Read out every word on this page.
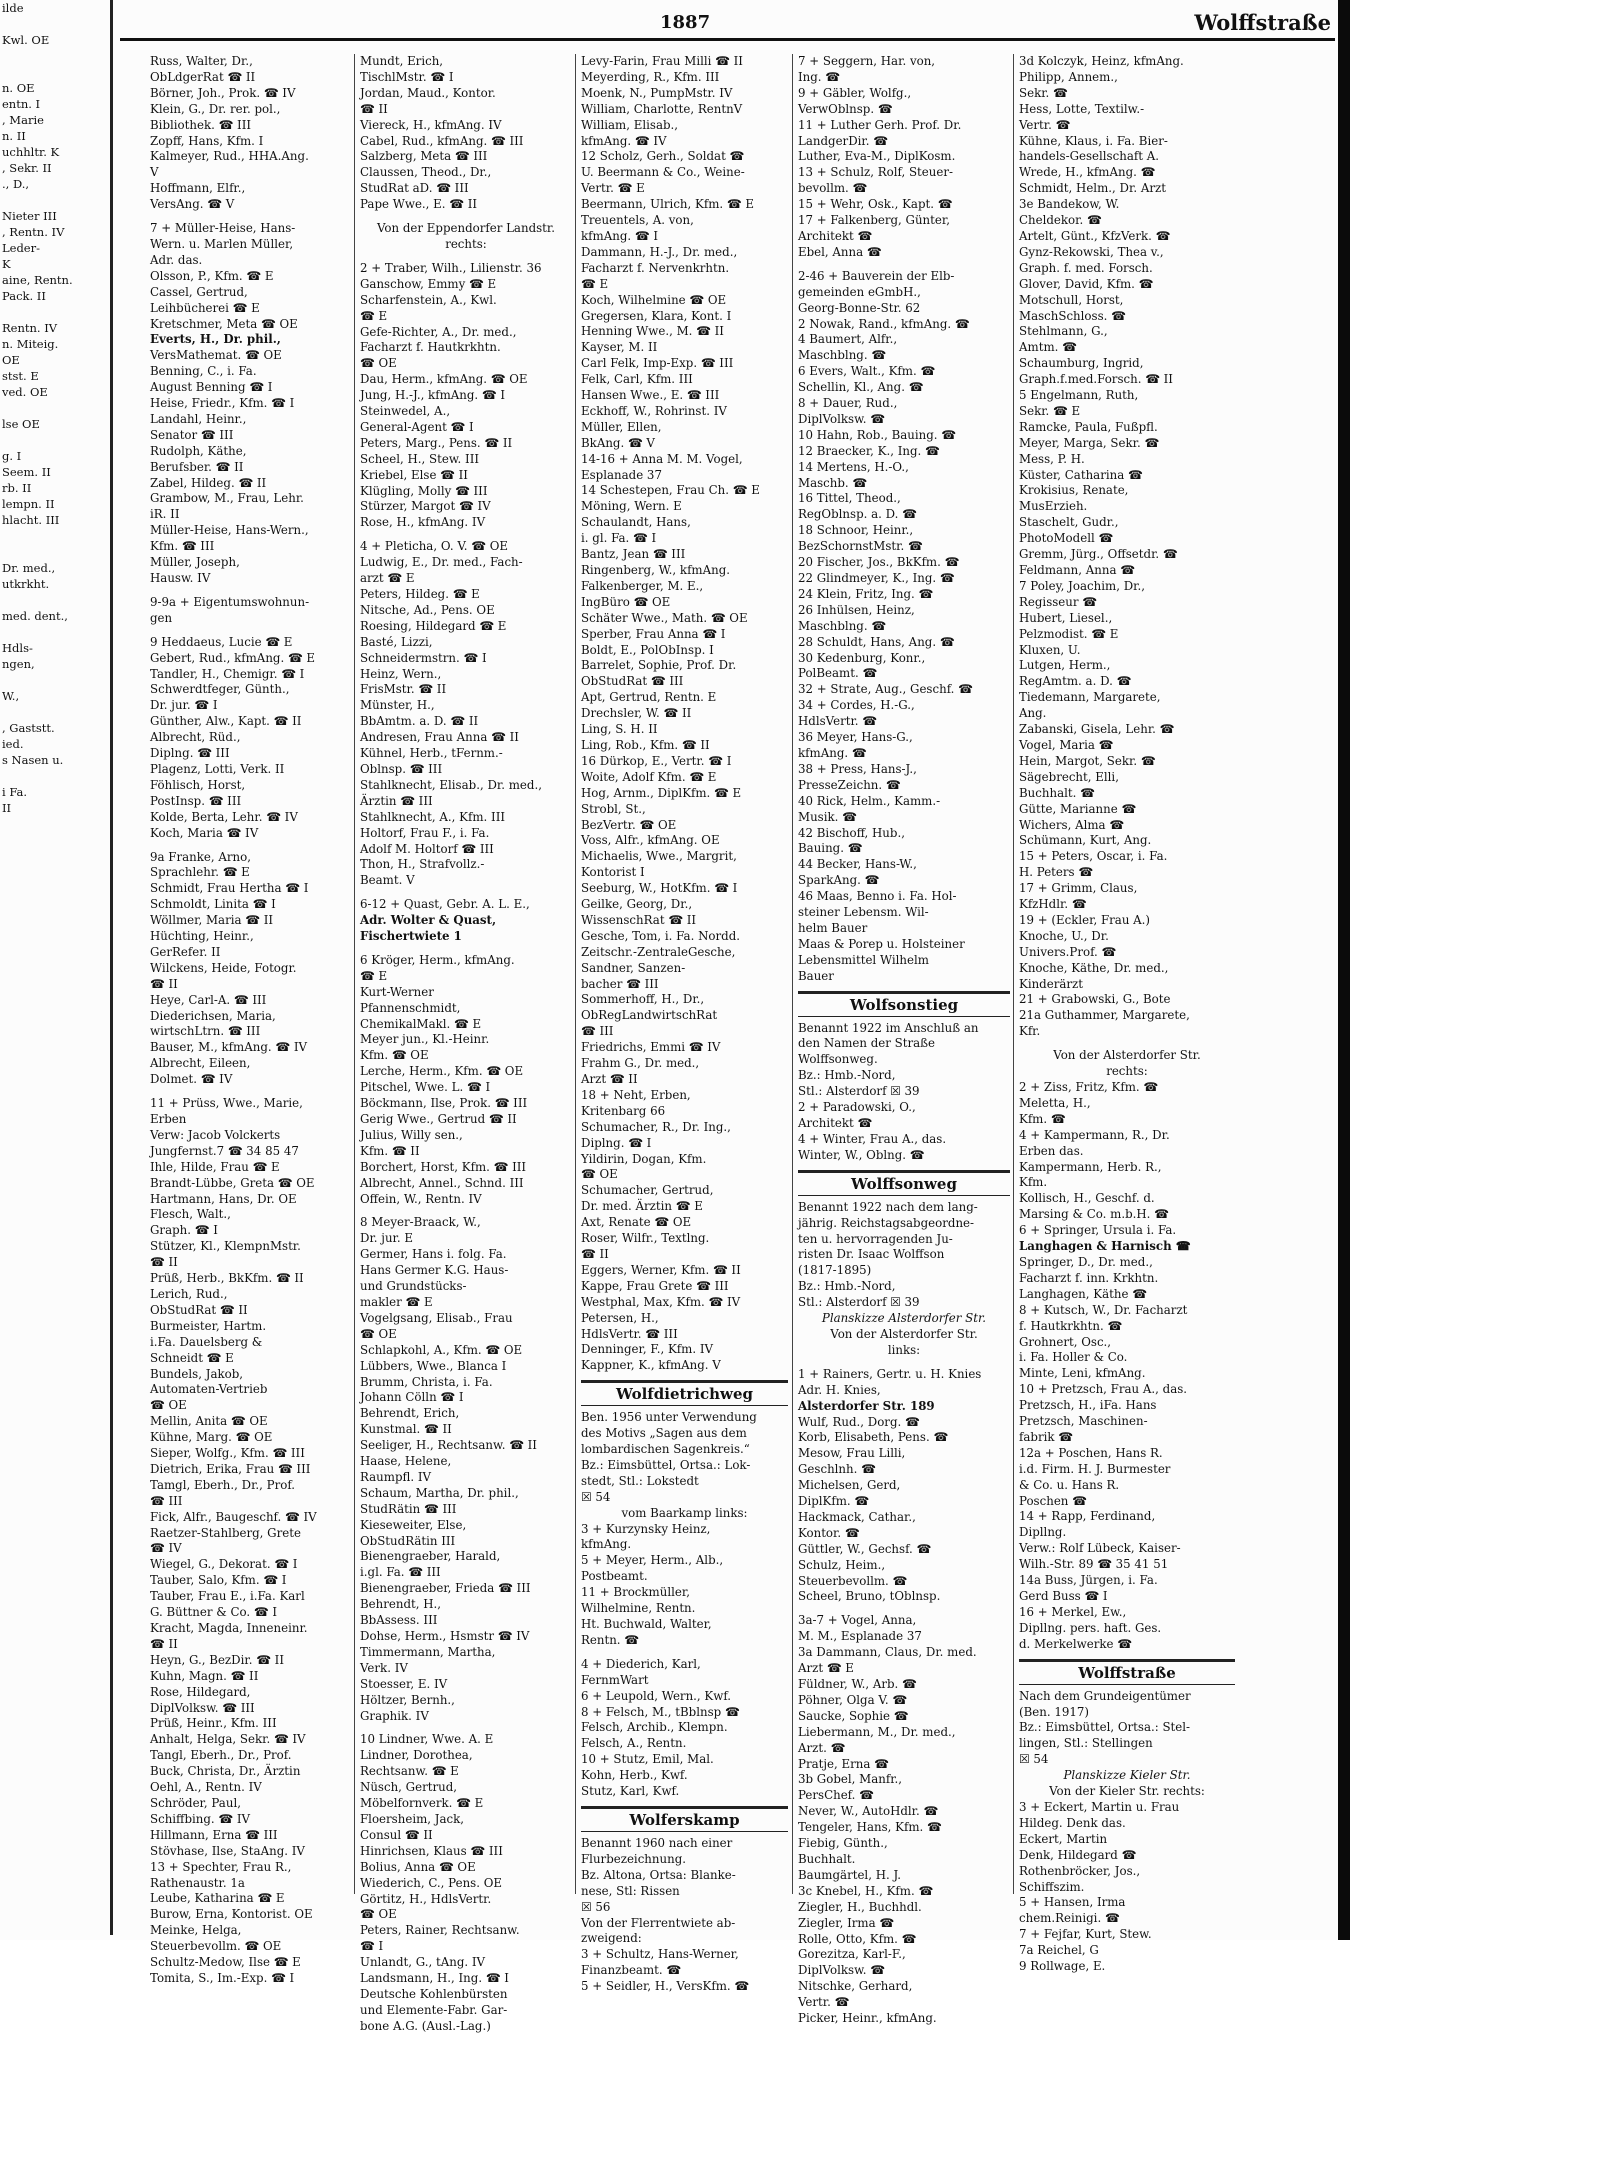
ilde

Kwl. OE

n. OE
entn. I
, Marie
n. II
uchhltr. K
, Sekr. II
., D.,

Nieter III
, Rentn. IV
Leder-
K
aine, Rentn.
Pack. II

Rentn. IV
n. Miteig.
OE
stst. E
ved. OE

lse OE

g. I
Seem. II
rb. II
lempn. II
hlacht. III

Dr. med.,
utkrkht.

med. dent.,

Hdls-
ngen,

W.,

, Gaststt.
ied.
s Nasen u.

i Fa.
II
1887	Wolffstraße
Russ, Walter, Dr.,
ObLdgerRat ☎ II
Börner, Joh., Prok. ☎ IV
Klein, G., Dr. rer. pol.,
Bibliothek. ☎ III
Zopff, Hans, Kfm. I
Kalmeyer, Rud., HHA.Ang.
V
Hoffmann, Elfr.,
VersAng. ☎ V
7 + Müller-Heise, Hans-
Wern. u. Marlen Müller,
Adr. das.
Olsson, P., Kfm. ☎ E
Cassel, Gertrud,
Leihbücherei ☎ E
Kretschmer, Meta ☎ OE
Everts, H., Dr. phil.,
VersMathemat. ☎ OE
Benning, C., i. Fa.
August Benning ☎ I
Heise, Friedr., Kfm. ☎ I
Landahl, Heinr.,
Senator ☎ III
Rudolph, Käthe,
Berufsber. ☎ II
Zabel, Hildeg. ☎ II
Grambow, M., Frau, Lehr.
iR. II
Müller-Heise, Hans-Wern.,
Kfm. ☎ III
Müller, Joseph,
Hausw. IV
9-9a + Eigentumswohnun-
gen
9 Heddaeus, Lucie ☎ E
Gebert, Rud., kfmAng. ☎ E
Tandler, H., Chemigr. ☎ I
Schwerdtfeger, Günth.,
Dr. jur. ☎ I
Günther, Alw., Kapt. ☎ II
Albrecht, Rüd.,
Diplng. ☎ III
Plagenz, Lotti, Verk. II
Föhlisch, Horst,
PostInsp. ☎ III
Kolde, Berta, Lehr. ☎ IV
Koch, Maria ☎ IV
9a Franke, Arno,
Sprachlehr. ☎ E
Schmidt, Frau Hertha ☎ I
Schmoldt, Linita ☎ I
Wöllmer, Maria ☎ II
Hüchting, Heinr.,
GerRefer. II
Wilckens, Heide, Fotogr.
☎ II
Heye, Carl-A. ☎ III
Diederichsen, Maria,
wirtschLtrn. ☎ III
Bauser, M., kfmAng. ☎ IV
Albrecht, Eileen,
Dolmet. ☎ IV
11 + Prüss, Wwe., Marie,
Erben
Verw: Jacob Volckerts
Jungfernst.7 ☎ 34 85 47
Ihle, Hilde, Frau ☎ E
Brandt-Lübbe, Greta ☎ OE
Hartmann, Hans, Dr. OE
Flesch, Walt.,
Graph. ☎ I
Stützer, Kl., KlempnMstr.
☎ II
Prüß, Herb., BkKfm. ☎ II
Lerich, Rud.,
ObStudRat ☎ II
Burmeister, Hartm.
i.Fa. Dauelsberg &
Schneidt ☎ E
Bundels, Jakob,
Automaten-Vertrieb
☎ OE
Mellin, Anita ☎ OE
Kühne, Marg. ☎ OE
Sieper, Wolfg., Kfm. ☎ III
Dietrich, Erika, Frau ☎ III
Tamgl, Eberh., Dr., Prof.
☎ III
Fick, Alfr., Baugeschf. ☎ IV
Raetzer-Stahlberg, Grete
☎ IV
Wiegel, G., Dekorat. ☎ I
Tauber, Salo, Kfm. ☎ I
Tauber, Frau E., i.Fa. Karl
G. Büttner & Co. ☎ I
Kracht, Magda, Inneneinr.
☎ II
Heyn, G., BezDir. ☎ II
Kuhn, Magn. ☎ II
Rose, Hildegard,
DiplVolksw. ☎ III
Prüß, Heinr., Kfm. III
Anhalt, Helga, Sekr. ☎ IV
Tangl, Eberh., Dr., Prof.
Buck, Christa, Dr., Ärztin
Oehl, A., Rentn. IV
Schröder, Paul,
Schiffbing. ☎ IV
Hillmann, Erna ☎ III
Stövhase, Ilse, StaAng. IV
13 + Spechter, Frau R.,
Rathenaustr. 1a
Leube, Katharina ☎ E
Burow, Erna, Kontorist. OE
Meinke, Helga,
Steuerbevollm. ☎ OE
Schultz-Medow, Ilse ☎ E
Tomita, S., Im.-Exp. ☎ I
Mundt, Erich,
TischlMstr. ☎ I
Jordan, Maud., Kontor.
☎ II
Viereck, H., kfmAng. IV
Cabel, Rud., kfmAng. ☎ III
Salzberg, Meta ☎ III
Claussen, Theod., Dr.,
StudRat aD. ☎ III
Pape Wwe., E. ☎ II
Von der Eppendorfer Landstr.
rechts:
2 + Traber, Wilh., Lilienstr. 36
Ganschow, Emmy ☎ E
Scharfenstein, A., Kwl.
☎ E
Gefe-Richter, A., Dr. med.,
Facharzt f. Hautkrkhtn.
☎ OE
Dau, Herm., kfmAng. ☎ OE
Jung, H.-J., kfmAng. ☎ I
Steinwedel, A.,
General-Agent ☎ I
Peters, Marg., Pens. ☎ II
Scheel, H., Stew. III
Kriebel, Else ☎ II
Klügling, Molly ☎ III
Stürzer, Margot ☎ IV
Rose, H., kfmAng. IV
4 + Pleticha, O. V. ☎ OE
Ludwig, E., Dr. med., Fach-
arzt ☎ E
Peters, Hildeg. ☎ E
Nitsche, Ad., Pens. OE
Roesing, Hildegard ☎ E
Basté, Lizzi,
Schneidermstrn. ☎ I
Heinz, Wern.,
FrisMstr. ☎ II
Münster, H.,
BbAmtm. a. D. ☎ II
Andresen, Frau Anna ☎ II
Kühnel, Herb., tFernm.-
Oblnsp. ☎ III
Stahlknecht, Elisab., Dr. med.,
Ärztin ☎ III
Stahlknecht, A., Kfm. III
Holtorf, Frau F., i. Fa.
Adolf M. Holtorf ☎ III
Thon, H., Strafvollz.-
Beamt. V
6-12 + Quast, Gebr. A. L. E.,
Adr. Wolter & Quast,
Fischertwiete 1
6 Kröger, Herm., kfmAng.
☎ E
Kurt-Werner
Pfannenschmidt,
ChemikalMakl. ☎ E
Meyer jun., Kl.-Heinr.
Kfm. ☎ OE
Lerche, Herm., Kfm. ☎ OE
Pitschel, Wwe. L. ☎ I
Böckmann, Ilse, Prok. ☎ III
Gerig Wwe., Gertrud ☎ II
Julius, Willy sen.,
Kfm. ☎ II
Borchert, Horst, Kfm. ☎ III
Albrecht, Annel., Schnd. III
Offein, W., Rentn. IV
8 Meyer-Braack, W.,
Dr. jur. E
Germer, Hans i. folg. Fa.
Hans Germer K.G. Haus-
und Grundstücks-
makler ☎ E
Vogelgsang, Elisab., Frau
☎ OE
Schlapkohl, A., Kfm. ☎ OE
Lübbers, Wwe., Blanca I
Brumm, Christa, i. Fa.
Johann Cölln ☎ I
Behrendt, Erich,
Kunstmal. ☎ II
Seeliger, H., Rechtsanw. ☎ II
Haase, Helene,
Raumpfl. IV
Schaum, Martha, Dr. phil.,
StudRätin ☎ III
Kieseweiter, Else,
ObStudRätin III
Bienengraeber, Harald,
i.gl. Fa. ☎ III
Bienengraeber, Frieda ☎ III
Behrendt, H.,
BbAssess. III
Dohse, Herm., Hsmstr ☎ IV
Timmermann, Martha,
Verk. IV
Stoesser, E. IV
Höltzer, Bernh.,
Graphik. IV
10 Lindner, Wwe. A. E
Lindner, Dorothea,
Rechtsanw. ☎ E
Nüsch, Gertrud,
Möbelfornverk. ☎ E
Floersheim, Jack,
Consul ☎ II
Hinrichsen, Klaus ☎ III
Bolius, Anna ☎ OE
Wiederich, C., Pens. OE
Görtitz, H., HdlsVertr.
☎ OE
Peters, Rainer, Rechtsanw.
☎ I
Unlandt, G., tAng. IV
Landsmann, H., Ing. ☎ I
Deutsche Kohlenbürsten
und Elemente-Fabr. Gar-
bone A.G. (Ausl.-Lag.)
Levy-Farin, Frau Milli ☎ II
Meyerding, R., Kfm. III
Moenk, N., PumpMstr. IV
William, Charlotte, RentnV
William, Elisab.,
kfmAng. ☎ IV
12 Scholz, Gerh., Soldat ☎
U. Beermann & Co., Weine-
Vertr. ☎ E
Beermann, Ulrich, Kfm. ☎ E
Treuentels, A. von,
kfmAng. ☎ I
Dammann, H.-J., Dr. med.,
Facharzt f. Nervenkrhtn.
☎ E
Koch, Wilhelmine ☎ OE
Gregersen, Klara, Kont. I
Henning Wwe., M. ☎ II
Kayser, M. II
Carl Felk, Imp-Exp. ☎ III
Felk, Carl, Kfm. III
Hansen Wwe., E. ☎ III
Eckhoff, W., Rohrinst. IV
Müller, Ellen,
BkAng. ☎ V
14-16 + Anna M. M. Vogel,
Esplanade 37
14 Schestepen, Frau Ch. ☎ E
Möning, Wern. E
Schaulandt, Hans,
i. gl. Fa. ☎ I
Bantz, Jean ☎ III
Ringenberg, W., kfmAng.
Falkenberger, M. E.,
IngBüro ☎ OE
Schäter Wwe., Math. ☎ OE
Sperber, Frau Anna ☎ I
Boldt, E., PolObInsp. I
Barrelet, Sophie, Prof. Dr.
ObStudRat ☎ III
Apt, Gertrud, Rentn. E
Drechsler, W. ☎ II
Ling, S. H. II
Ling, Rob., Kfm. ☎ II
16 Dürkop, E., Vertr. ☎ I
Woite, Adolf Kfm. ☎ E
Hog, Arnm., DiplKfm. ☎ E
Strobl, St.,
BezVertr. ☎ OE
Voss, Alfr., kfmAng. OE
Michaelis, Wwe., Margrit,
Kontorist I
Seeburg, W., HotKfm. ☎ I
Geilke, Georg, Dr.,
WissenschRat ☎ II
Gesche, Tom, i. Fa. Nordd.
Zeitschr.-ZentraleGesche,
Sandner, Sanzen-
bacher ☎ III
Sommerhoff, H., Dr.,
ObRegLandwirtschRat
☎ III
Friedrichs, Emmi ☎ IV
Frahm G., Dr. med.,
Arzt ☎ II
18 + Neht, Erben,
Kritenbarg 66
Schumacher, R., Dr. Ing.,
Diplng. ☎ I
Yildirin, Dogan, Kfm.
☎ OE
Schumacher, Gertrud,
Dr. med. Ärztin ☎ E
Axt, Renate ☎ OE
Roser, Wilfr., Textlng.
☎ II
Eggers, Werner, Kfm. ☎ II
Kappe, Frau Grete ☎ III
Westphal, Max, Kfm. ☎ IV
Petersen, H.,
HdlsVertr. ☎ III
Denninger, F., Kfm. IV
Kappner, K., kfmAng. V
Wolfdietrichweg
Ben. 1956 unter Verwendung
des Motivs „Sagen aus dem
lombardischen Sagenkreis.“
Bz.: Eimsbüttel, Ortsa.: Lok-
stedt, Stl.: Lokstedt
☒ 54
vom Baarkamp links:
3 + Kurzynsky Heinz,
kfmAng.
5 + Meyer, Herm., Alb.,
Postbeamt.
11 + Brockmüller,
Wilhelmine, Rentn.
Ht. Buchwald, Walter,
Rentn. ☎
4 + Diederich, Karl,
FernmWart
6 + Leupold, Wern., Kwf.
8 + Felsch, M., tBblnsp ☎
Felsch, Archib., Klempn.
Felsch, A., Rentn.
10 + Stutz, Emil, Mal.
Kohn, Herb., Kwf.
Stutz, Karl, Kwf.
Wolferskamp
Benannt 1960 nach einer
Flurbezeichnung.
Bz. Altona, Ortsa: Blanke-
nese, Stl: Rissen
☒ 56
Von der Flerrentwiete ab-
zweigend:
3 + Schultz, Hans-Werner,
Finanzbeamt. ☎
5 + Seidler, H., VersKfm. ☎
7 + Seggern, Har. von,
Ing. ☎
9 + Gäbler, Wolfg.,
VerwOblnsp. ☎
11 + Luther Gerh. Prof. Dr.
LandgerDir. ☎
Luther, Eva-M., DiplKosm.
13 + Schulz, Rolf, Steuer-
bevollm. ☎
15 + Wehr, Osk., Kapt. ☎
17 + Falkenberg, Günter,
Architekt ☎
Ebel, Anna ☎
2-46 + Bauverein der Elb-
gemeinden eGmbH.,
Georg-Bonne-Str. 62
2 Nowak, Rand., kfmAng. ☎
4 Baumert, Alfr.,
Maschblng. ☎
6 Evers, Walt., Kfm. ☎
Schellin, Kl., Ang. ☎
8 + Dauer, Rud.,
DiplVolksw. ☎
10 Hahn, Rob., Bauing. ☎
12 Braecker, K., Ing. ☎
14 Mertens, H.-O.,
Maschb. ☎
16 Tittel, Theod.,
RegOblnsp. a. D. ☎
18 Schnoor, Heinr.,
BezSchornstMstr. ☎
20 Fischer, Jos., BkKfm. ☎
22 Glindmeyer, K., Ing. ☎
24 Klein, Fritz, Ing. ☎
26 Inhülsen, Heinz,
Maschblng. ☎
28 Schuldt, Hans, Ang. ☎
30 Kedenburg, Konr.,
PolBeamt. ☎
32 + Strate, Aug., Geschf. ☎
34 + Cordes, H.-G.,
HdlsVertr. ☎
36 Meyer, Hans-G.,
kfmAng. ☎
38 + Press, Hans-J.,
PresseZeichn. ☎
40 Rick, Helm., Kamm.-
Musik. ☎
42 Bischoff, Hub.,
Bauing. ☎
44 Becker, Hans-W.,
SparkAng. ☎
46 Maas, Benno i. Fa. Hol-
steiner Lebensm. Wil-
helm Bauer
Maas & Porep u. Holsteiner
Lebensmittel Wilhelm
Bauer
Wolfsonstieg
Benannt 1922 im Anschluß an
den Namen der Straße
Wolffsonweg.
Bz.: Hmb.-Nord,
Stl.: Alsterdorf ☒ 39
2 + Paradowski, O.,
Architekt ☎
4 + Winter, Frau A., das.
Winter, W., Oblng. ☎
Wolffsonweg
Benannt 1922 nach dem lang-
jährig. Reichstagsabgeordne-
ten u. hervorragenden Ju-
risten Dr. Isaac Wolffson
(1817-1895)
Bz.: Hmb.-Nord,
Stl.: Alsterdorf ☒ 39
Planskizze Alsterdorfer Str.
Von der Alsterdorfer Str.
links:
1 + Rainers, Gertr. u. H. Knies
Adr. H. Knies,
Alsterdorfer Str. 189
Wulf, Rud., Dorg. ☎
Korb, Elisabeth, Pens. ☎
Mesow, Frau Lilli,
Geschlnh. ☎
Michelsen, Gerd,
DiplKfm. ☎
Hackmack, Cathar.,
Kontor. ☎
Güttler, W., Gechsf. ☎
Schulz, Heim.,
Steuerbevollm. ☎
Scheel, Bruno, tOblnsp.
3a-7 + Vogel, Anna,
M. M., Esplanade 37
3a Dammann, Claus, Dr. med.
Arzt ☎ E
Füldner, W., Arb. ☎
Pöhner, Olga V. ☎
Saucke, Sophie ☎
Liebermann, M., Dr. med.,
Arzt. ☎
Pratje, Erna ☎
3b Gobel, Manfr.,
PersChef. ☎
Never, W., AutoHdlr. ☎
Tengeler, Hans, Kfm. ☎
Fiebig, Günth.,
Buchhalt.
Baumgärtel, H. J.
3c Knebel, H., Kfm. ☎
Ziegler, H., Buchhdl.
Ziegler, Irma ☎
Rolle, Otto, Kfm. ☎
Gorezitza, Karl-F.,
DiplVolksw. ☎
Nitschke, Gerhard,
Vertr. ☎
Picker, Heinr., kfmAng.
3d Kolczyk, Heinz, kfmAng.
Philipp, Annem.,
Sekr. ☎
Hess, Lotte, Textilw.-
Vertr. ☎
Kühne, Klaus, i. Fa. Bier-
handels-Gesellschaft A.
Wrede, H., kfmAng. ☎
Schmidt, Helm., Dr. Arzt
3e Bandekow, W.
Cheldekor. ☎
Artelt, Günt., KfzVerk. ☎
Gynz-Rekowski, Thea v.,
Graph. f. med. Forsch.
Glover, David, Kfm. ☎
Motschull, Horst,
MaschSchloss. ☎
Stehlmann, G.,
Amtm. ☎
Schaumburg, Ingrid,
Graph.f.med.Forsch. ☎ II
5 Engelmann, Ruth,
Sekr. ☎ E
Ramcke, Paula, Fußpfl.
Meyer, Marga, Sekr. ☎
Mess, P. H.
Küster, Catharina ☎
Krokisius, Renate,
MusErzieh.
Staschelt, Gudr.,
PhotoModell ☎
Gremm, Jürg., Offsetdr. ☎
Feldmann, Anna ☎
7 Poley, Joachim, Dr.,
Regisseur ☎
Hubert, Liesel.,
Pelzmodist. ☎ E
Kluxen, U.
Lutgen, Herm.,
RegAmtm. a. D. ☎
Tiedemann, Margarete,
Ang.
Zabanski, Gisela, Lehr. ☎
Vogel, Maria ☎
Hein, Margot, Sekr. ☎
Sägebrecht, Elli,
Buchhalt. ☎
Gütte, Marianne ☎
Wichers, Alma ☎
Schümann, Kurt, Ang.
15 + Peters, Oscar, i. Fa.
H. Peters ☎
17 + Grimm, Claus,
KfzHdlr. ☎
19 + (Eckler, Frau A.)
Knoche, U., Dr.
Univers.Prof. ☎
Knoche, Käthe, Dr. med.,
Kinderärzt
21 + Grabowski, G., Bote
21a Guthammer, Margarete,
Kfr.
Von der Alsterdorfer Str.
rechts:
2 + Ziss, Fritz, Kfm. ☎
Meletta, H.,
Kfm. ☎
4 + Kampermann, R., Dr.
Erben das.
Kampermann, Herb. R.,
Kfm.
Kollisch, H., Geschf. d.
Marsing & Co. m.b.H. ☎
6 + Springer, Ursula i. Fa.
Langhagen & Harnisch ☎
Springer, D., Dr. med.,
Facharzt f. inn. Krkhtn.
Langhagen, Käthe ☎
8 + Kutsch, W., Dr. Facharzt
f. Hautkrkhtn. ☎
Grohnert, Osc.,
i. Fa. Holler & Co.
Minte, Leni, kfmAng.
10 + Pretzsch, Frau A., das.
Pretzsch, H., iFa. Hans
Pretzsch, Maschinen-
fabrik ☎
12a + Poschen, Hans R.
i.d. Firm. H. J. Burmester
& Co. u. Hans R.
Poschen ☎
14 + Rapp, Ferdinand,
Dipllng.
Verw.: Rolf Lübeck, Kaiser-
Wilh.-Str. 89 ☎ 35 41 51
14a Buss, Jürgen, i. Fa.
Gerd Buss ☎ I
16 + Merkel, Ew.,
Dipllng. pers. haft. Ges.
d. Merkelwerke ☎
Wolffstraße
Nach dem Grundeigentümer
(Ben. 1917)
Bz.: Eimsbüttel, Ortsa.: Stel-
lingen, Stl.: Stellingen
☒ 54
Planskizze Kieler Str.
Von der Kieler Str. rechts:
3 + Eckert, Martin u. Frau
Hildeg. Denk das.
Eckert, Martin
Denk, Hildegard ☎
Rothenbröcker, Jos.,
Schiffszim.
5 + Hansen, Irma
chem.Reinigi. ☎
7 + Fejfar, Kurt, Stew.
7a Reichel, G
9 Rollwage, E.
